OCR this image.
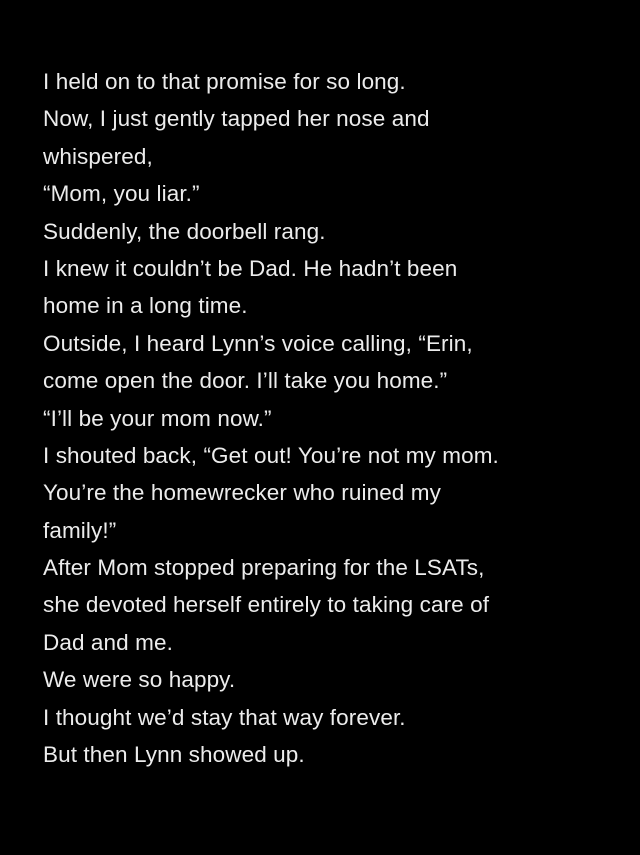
I held on to that promise for so long.
Now, I just gently tapped her nose and
whispered,
“Mom, you liar.”
Suddenly, the doorbell rang.
I knew it couldn’t be Dad. He hadn’t been
home in a long time.
Outside, I heard Lynn’s voice calling, “Erin,
come open the door. I’ll take you home.”
“I’ll be your mom now.”
I shouted back, “Get out! You’re not my mom.
You’re the homewrecker who ruined my
family!”
After Mom stopped preparing for the LSATs,
she devoted herself entirely to taking care of
Dad and me.
We were so happy.
I thought we’d stay that way forever.
But then Lynn showed up.
